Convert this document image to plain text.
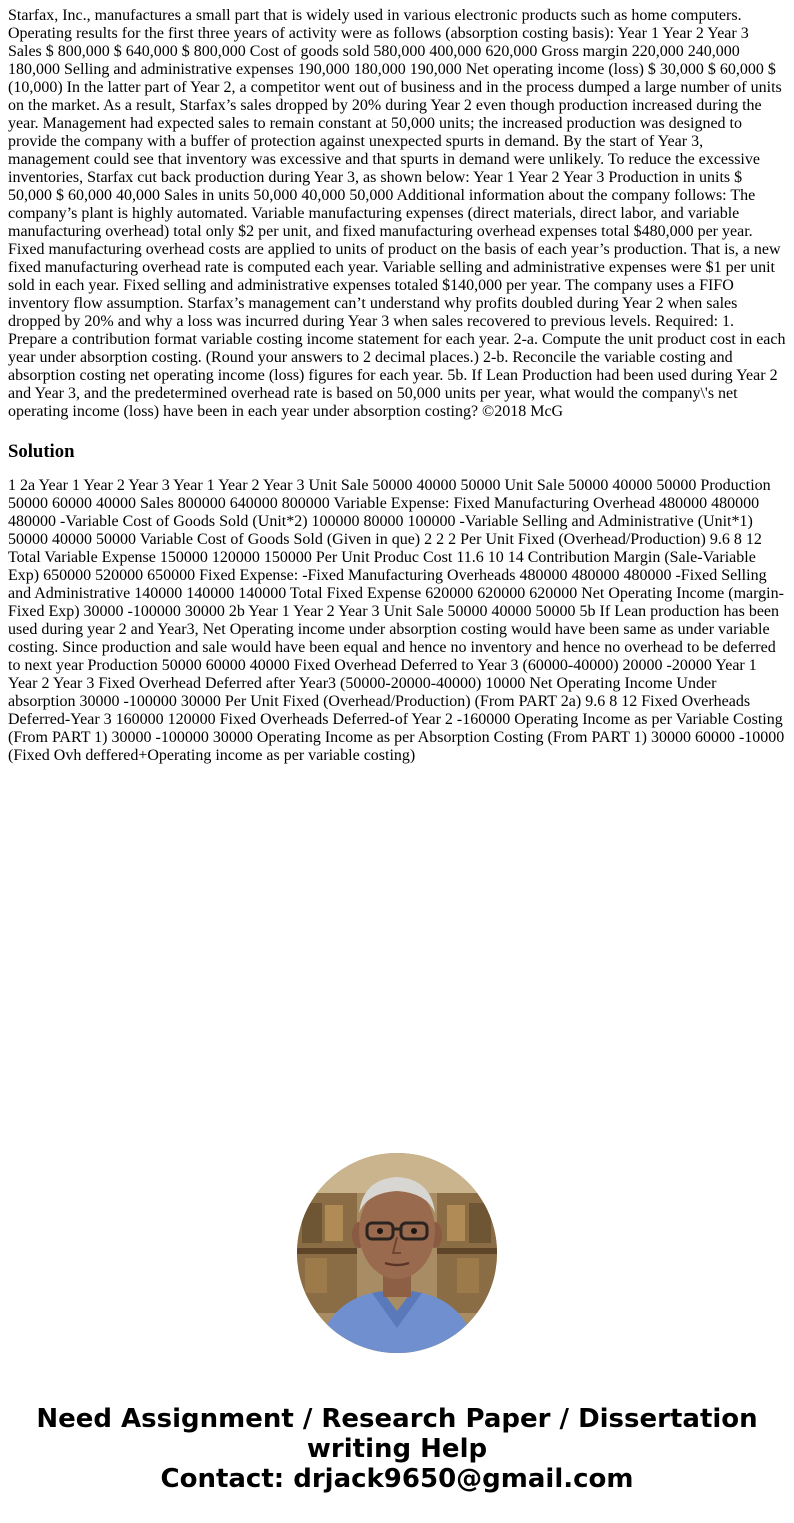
Starfax, Inc., manufactures a small part that is widely used in various electronic products such as home computers. Operating results for the first three years of activity were as follows (absorption costing basis): Year 1 Year 2 Year 3 Sales $ 800,000 $ 640,000 $ 800,000 Cost of goods sold 580,000 400,000 620,000 Gross margin 220,000 240,000 180,000 Selling and administrative expenses 190,000 180,000 190,000 Net operating income (loss) $ 30,000 $ 60,000 $ (10,000) In the latter part of Year 2, a competitor went out of business and in the process dumped a large number of units on the market. As a result, Starfax’s sales dropped by 20% during Year 2 even though production increased during the year. Management had expected sales to remain constant at 50,000 units; the increased production was designed to provide the company with a buffer of protection against unexpected spurts in demand. By the start of Year 3, management could see that inventory was excessive and that spurts in demand were unlikely. To reduce the excessive inventories, Starfax cut back production during Year 3, as shown below: Year 1 Year 2 Year 3 Production in units $ 50,000 $ 60,000 40,000 Sales in units 50,000 40,000 50,000 Additional information about the company follows: The company’s plant is highly automated. Variable manufacturing expenses (direct materials, direct labor, and variable manufacturing overhead) total only $2 per unit, and fixed manufacturing overhead expenses total $480,000 per year. Fixed manufacturing overhead costs are applied to units of product on the basis of each year’s production. That is, a new fixed manufacturing overhead rate is computed each year. Variable selling and administrative expenses were $1 per unit sold in each year. Fixed selling and administrative expenses totaled $140,000 per year. The company uses a FIFO inventory flow assumption. Starfax’s management can’t understand why profits doubled during Year 2 when sales dropped by 20% and why a loss was incurred during Year 3 when sales recovered to previous levels. Required: 1. Prepare a contribution format variable costing income statement for each year. 2-a. Compute the unit product cost in each year under absorption costing. (Round your answers to 2 decimal places.) 2-b. Reconcile the variable costing and absorption costing net operating income (loss) figures for each year. 5b. If Lean Production had been used during Year 2 and Year 3, and the predetermined overhead rate is based on 50,000 units per year, what would the company\'s net operating income (loss) have been in each year under absorption costing? ©2018 McG

Solution

1 2a Year 1 Year 2 Year 3 Year 1 Year 2 Year 3 Unit Sale 50000 40000 50000 Unit Sale 50000 40000 50000 Production 50000 60000 40000 Sales 800000 640000 800000 Variable Expense: Fixed Manufacturing Overhead 480000 480000 480000 -Variable Cost of Goods Sold (Unit*2) 100000 80000 100000 -Variable Selling and Administrative (Unit*1) 50000 40000 50000 Variable Cost of Goods Sold (Given in que) 2 2 2 Per Unit Fixed (Overhead/Production) 9.6 8 12 Total Variable Expense 150000 120000 150000 Per Unit Produc Cost 11.6 10 14 Contribution Margin (Sale-Variable Exp) 650000 520000 650000 Fixed Expense: -Fixed Manufacturing Overheads 480000 480000 480000 -Fixed Selling and Administrative 140000 140000 140000 Total Fixed Expense 620000 620000 620000 Net Operating Income (margin-Fixed Exp) 30000 -100000 30000 2b Year 1 Year 2 Year 3 Unit Sale 50000 40000 50000 5b If Lean production has been used during year 2 and Year3, Net Operating income under absorption costing would have been same as under variable costing. Since production and sale would have been equal and hence no inventory and hence no overhead to be deferred to next year Production 50000 60000 40000 Fixed Overhead Deferred to Year 3 (60000-40000) 20000 -20000 Year 1 Year 2 Year 3 Fixed Overhead Deferred after Year3 (50000-20000-40000) 10000 Net Operating Income Under absorption 30000 -100000 30000 Per Unit Fixed (Overhead/Production) (From PART 2a) 9.6 8 12 Fixed Overheads Deferred-Year 3 160000 120000 Fixed Overheads Deferred-of Year 2 -160000 Operating Income as per Variable Costing (From PART 1) 30000 -100000 30000 Operating Income as per Absorption Costing (From PART 1) 30000 60000 -10000 (Fixed Ovh deffered+Operating income as per variable costing)

Need Assignment / Research Paper / Dissertation
writing Help
Contact: drjack9650@gmail.com
